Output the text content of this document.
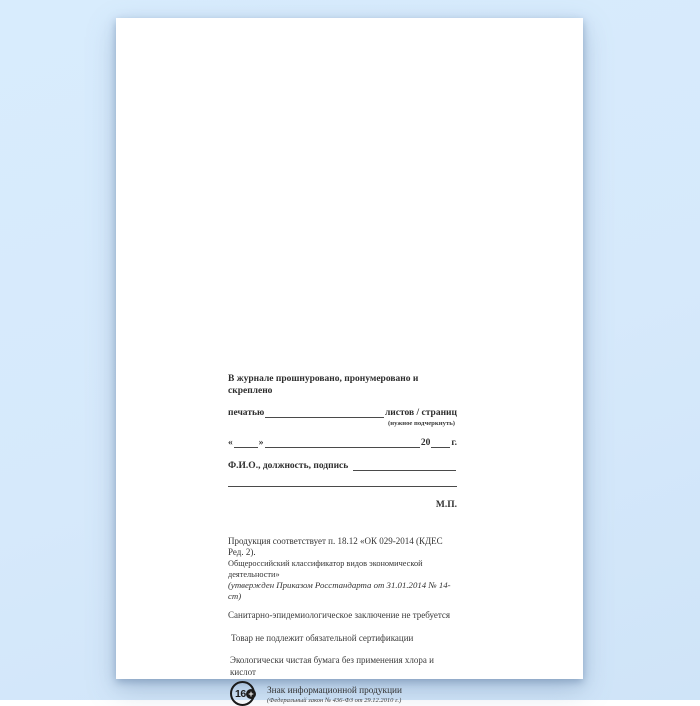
В журнале прошнуровано, пронумеровано и скреплено
печатью	листов / страниц
(нужное подчеркнуть)
«	»	20 г.
Ф.И.О., должность, подпись
М.П.
Продукция соответствует п. 18.12 «ОК 029-2014 (КДЕС Ред. 2).
Общероссийский классификатор видов экономической деятельности»
(утвержден Приказом Росстандарта от 31.01.2014 № 14-ст)
Санитарно-эпидемиологическое заключение не требуется
Товар не подлежит обязательной сертификации
Экологически чистая бумага без применения хлора и кислот
16 + Знак информационной продукции
(Федеральный закон № 436-ФЗ от 29.12.2010 г.)
